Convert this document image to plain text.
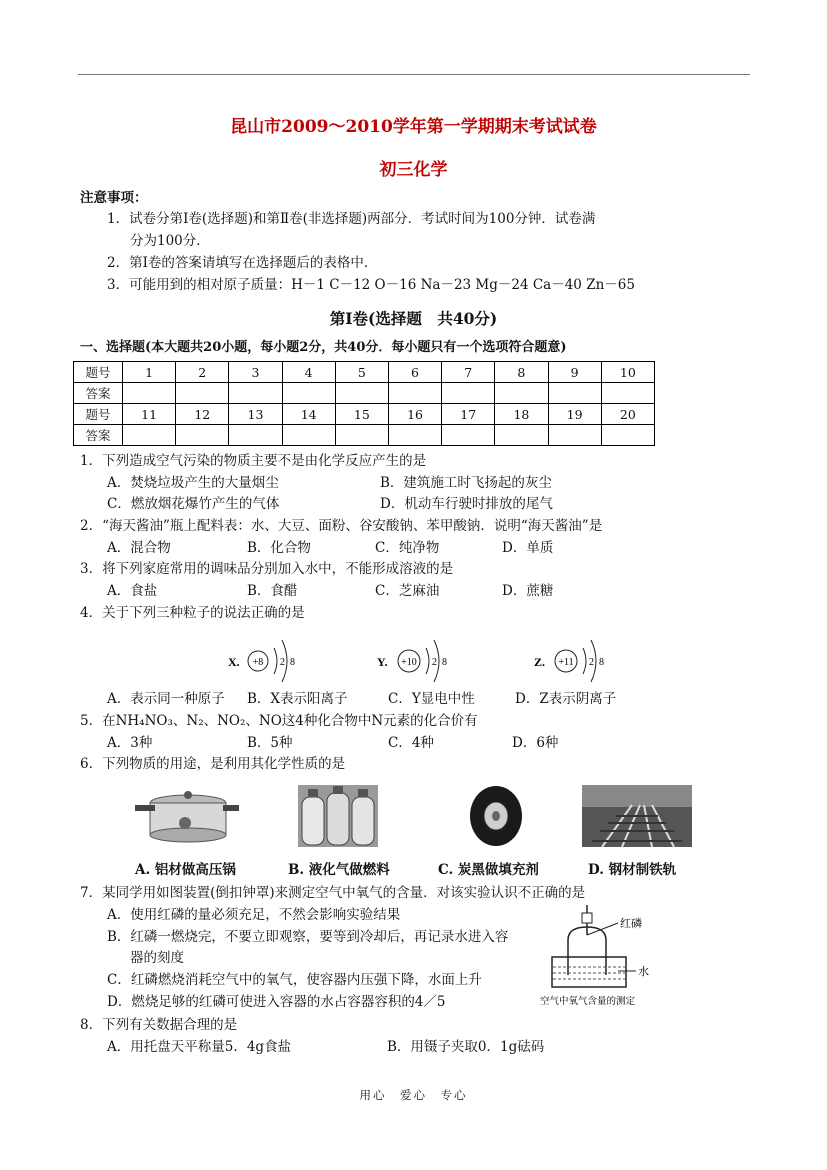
昆山市2009～2010学年第一学期期末考试试卷
初三化学
注意事项：
1．试卷分第Ⅰ卷(选择题)和第Ⅱ卷(非选择题)两部分．考试时间为100分钟．试卷满
分为100分．
2．第Ⅰ卷的答案请填写在选择题后的表格中．
3．可能用到的相对原子质量：H－1 C－12 O－16 Na－23 Mg－24 Ca－40 Zn－65
第Ⅰ卷(选择题　共40分)
一、选择题(本大题共20小题，每小题2分，共40分．每小题只有一个选项符合题意)
题号	1	2	3	4	5	6	7	8	9	10
答案										
题号	11	12	13	14	15	16	17	18	19	20
答案										
1．下列造成空气污染的物质主要不是由化学反应产生的是
A．焚烧垃圾产生的大量烟尘	B．建筑施工时飞扬起的灰尘
C．燃放烟花爆竹产生的气体	D．机动车行驶时排放的尾气
2．“海天酱油”瓶上配料表：水、大豆、面粉、谷安酸钠、苯甲酸钠．说明“海天酱油”是
A．混合物	B．化合物	C．纯净物	D．单质
3．将下列家庭常用的调味品分别加入水中，不能形成溶液的是
A．食盐	B．食醋	C．芝麻油	D．蔗糖
4．关于下列三种粒子的说法正确的是
X. +8 2 8	Y. +10 2 8	Z. +11 2 8
A．表示同一种原子 B．X表示阳离子	C．Y显电中性	D．Z表示阴离子
5．在NH₄NO₃、N₂、NO₂、NO这4种化合物中N元素的化合价有
A．3种	B．5种	C．4种	D．6种
6．下列物质的用途，是利用其化学性质的是
A. 铝材做高压锅	B. 液化气做燃料	C. 炭黑做填充剂	D. 钢材制铁轨
7．某同学用如图装置(倒扣钟罩)来测定空气中氧气的含量．对该实验认识不正确的是
A．使用红磷的量必须充足，不然会影响实验结果
B．红磷一燃烧完，不要立即观察，要等到冷却后，再记录水进入容
器的刻度
C．红磷燃烧消耗空气中的氧气，使容器内压强下降，水面上升
D．燃烧足够的红磷可使进入容器的水占容器容积的4／5
红磷
水
空气中氧气含量的测定
8．下列有关数据合理的是
A．用托盘天平称量5．4g食盐	B．用镊子夹取0．1g砝码
用心　爱心　专心
